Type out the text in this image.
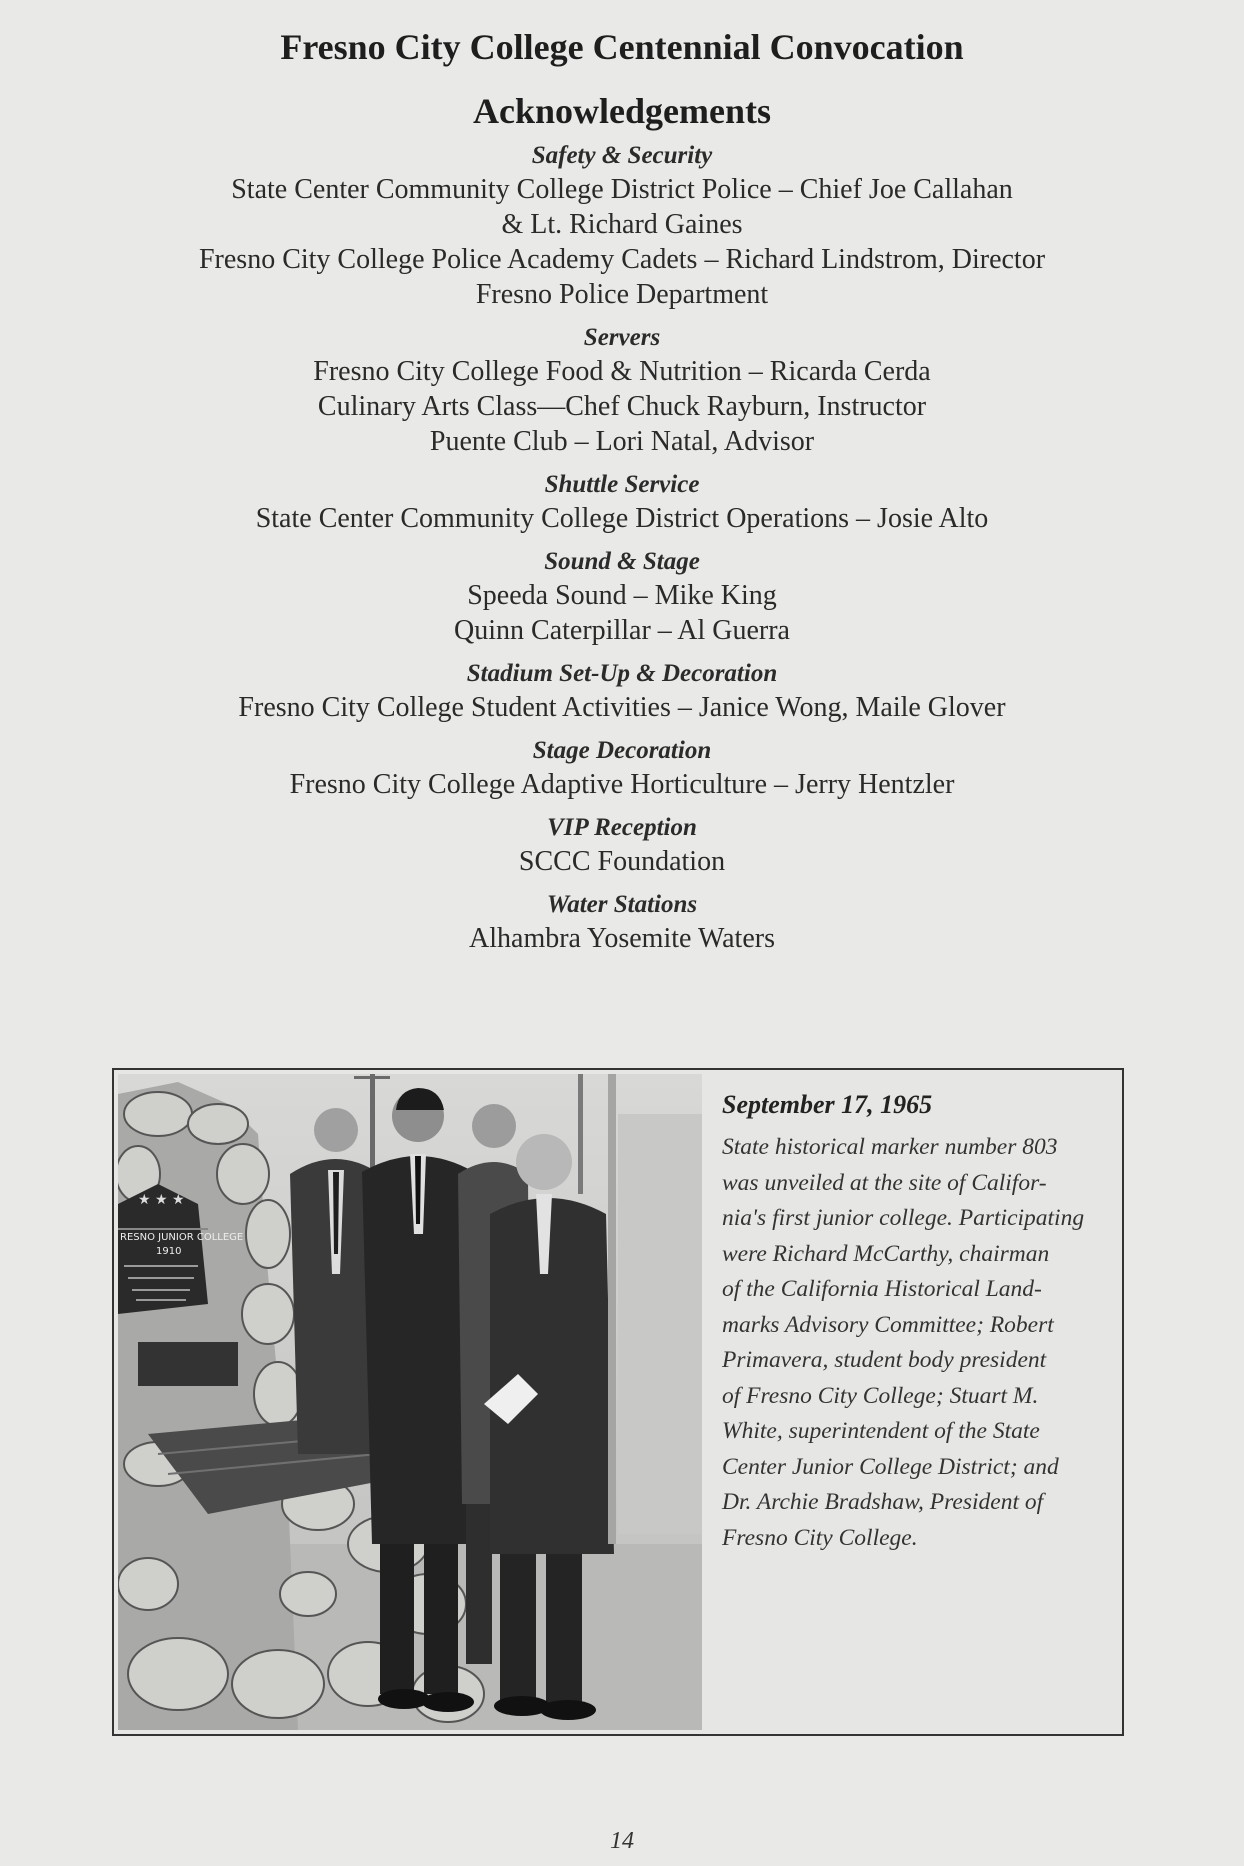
Fresno City College Centennial Convocation
Acknowledgements
Safety & Security
State Center Community College District Police – Chief Joe Callahan
& Lt. Richard Gaines
Fresno City College Police Academy Cadets – Richard Lindstrom, Director
Fresno Police Department
Servers
Fresno City College Food & Nutrition – Ricarda Cerda
Culinary Arts Class—Chef Chuck Rayburn, Instructor
Puente Club – Lori Natal, Advisor
Shuttle Service
State Center Community College District Operations – Josie Alto
Sound & Stage
Speeda Sound – Mike King
Quinn Caterpillar – Al Guerra
Stadium Set-Up & Decoration
Fresno City College Student Activities – Janice Wong, Maile Glover
Stage Decoration
Fresno City College Adaptive Horticulture – Jerry Hentzler
VIP Reception
SCCC Foundation
Water Stations
Alhambra Yosemite Waters
★ ★ ★
RESNO JUNIOR COLLEGE
1910
September 17, 1965
State historical marker number 803
was unveiled at the site of Califor-
nia's first junior college. Participating
were Richard McCarthy, chairman
of the California Historical Land-
marks Advisory Committee; Robert
Primavera, student body president
of Fresno City College; Stuart M.
White, superintendent of the State
Center Junior College District; and
Dr. Archie Bradshaw, President of
Fresno City College.
14
